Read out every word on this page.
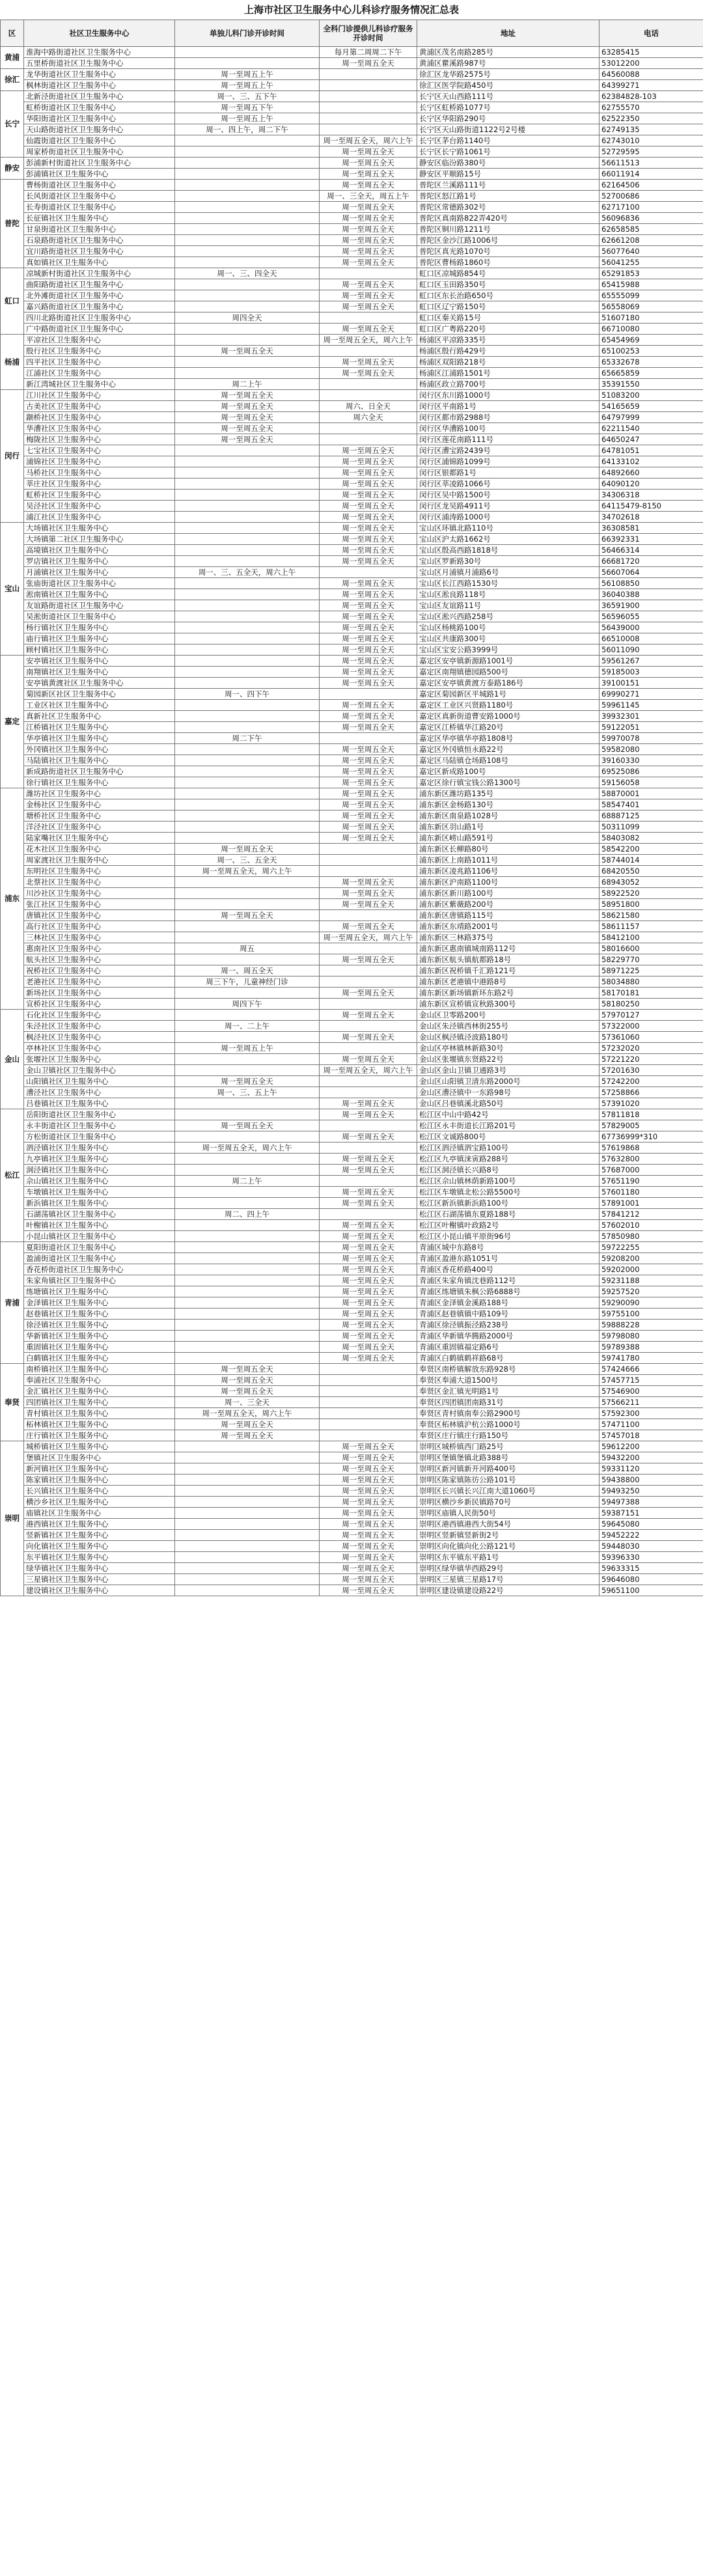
上海市社区卫生服务中心儿科诊疗服务情况汇总表
区	社区卫生服务中心	单独儿科门诊开诊时间	全科门诊提供儿科诊疗服务开诊时间	地址	电话
黄浦	淮海中路街道社区卫生服务中心		每月第二周周二下午	黄浦区茂名南路285号	63285415
	五里桥街道社区卫生服务中心		周一至周五全天	黄浦区瞿溪路987号	53012200
徐汇	龙华街道社区卫生服务中心	周一至周五上午		徐汇区龙华路2575号	64560088
	枫林街道社区卫生服务中心	周一至周五上午		徐汇区医学院路450号	64399271
长宁	北新泾街道社区卫生服务中心	周一、三、五下午		长宁区天山西路111号	62384828-103
	虹桥街道社区卫生服务中心	周一至周五下午		长宁区虹桥路1077号	62755570
	华阳街道社区卫生服务中心	周一至周五上午		长宁区华阳路290号	62522350
	天山路街道社区卫生服务中心	周一、四上午，周二下午		长宁区天山路街道1122号2号楼	62749135
	仙霞街道社区卫生服务中心		周一至周五全天，周六上午	长宁区茅台路1140号	62743010
	周家桥街道社区卫生服务中心		周一至周五全天	长宁区长宁路1061号	52729595
静安	彭浦新村街道社区卫生服务中心		周一至周五全天	静安区临汾路380号	56611513
	彭浦镇社区卫生服务中心		周一至周五全天	静安区平顺路15号	66011914
普陀	曹杨街道社区卫生服务中心		周一至周五全天	普陀区兰溪路111号	62164506
	长风街道社区卫生服务中心		周一、三全天，周五上午	普陀区怒江路1号	52700686
	长寿街道社区卫生服务中心		周一至周五全天	普陀区常德路302号	62717100
	长征镇社区卫生服务中心		周一至周五全天	普陀区真南路822弄420号	56096836
	甘泉街道社区卫生服务中心		周一至周五全天	普陀区铜川路1211号	62658585
	石泉路街道社区卫生服务中心		周一至周五全天	普陀区金沙江路1006号	62661208
	宜川路街道社区卫生服务中心		周一至周五全天	普陀区真光路1070号	56077640
	真如镇社区卫生服务中心		周一至周五全天	普陀区曹杨路1860号	56041255
虹口	凉城新村街道社区卫生服务中心	周一、三、四全天		虹口区凉城路854号	65291853
	曲阳路街道社区卫生服务中心		周一至周五全天	虹口区玉田路350号	65415988
	北外滩街道社区卫生服务中心		周一至周五全天	虹口区东长治路650号	65555099
	嘉兴路街道社区卫生服务中心		周一至周五全天	虹口区辽宁路150号	56558069
	四川北路街道社区卫生服务中心	周四全天		虹口区秦关路15号	51607180
	广中路街道社区卫生服务中心		周一至周五全天	虹口区广粤路220号	66710080
杨浦	平凉社区卫生服务中心		周一至周五全天，周六上午	杨浦区平凉路335号	65454969
	殷行社区卫生服务中心	周一至周五全天		杨浦区殷行路429号	65100253
	四平社区卫生服务中心		周一至周五全天	杨浦区双阳路218号	65332678
	江浦社区卫生服务中心		周一至周五全天	杨浦区江浦路1501号	65665859
	新江湾城社区卫生服务中心	周二上午		杨浦区政立路700号	35391550
闵行	江川社区卫生服务中心	周一至周五全天		闵行区东川路1000号	51083200
	古美社区卫生服务中心	周一至周五全天	周六、日全天	闵行区平南路1号	54165659
	颛桥社区卫生服务中心	周一至周五全天	周六全天	闵行区都市路2988号	64797999
	华漕社区卫生服务中心	周一至周五全天		闵行区华漕路100号	62211540
	梅陇社区卫生服务中心	周一至周五全天		闵行区莲花南路111号	64650247
	七宝社区卫生服务中心		周一至周五全天	闵行区漕宝路2439号	64781051
	浦锦社区卫生服务中心		周一至周五全天	闵行区浦锦路1099号	64133102
	马桥社区卫生服务中心		周一至周五全天	闵行区银都路1号	64892660
	莘庄社区卫生服务中心		周一至周五全天	闵行区莘凌路1066号	64090120
	虹桥社区卫生服务中心		周一至周五全天	闵行区吴中路1500号	34306318
	吴泾社区卫生服务中心		周一至周五全天	闵行区龙吴路4911号	64115479-8150
	浦江社区卫生服务中心		周一至周五全天	闵行区浦涛路1000号	34702618
宝山	大场镇社区卫生服务中心		周一至周五全天	宝山区环镇北路110号	36308581
	大场镇第二社区卫生服务中心		周一至周五全天	宝山区沪太路1662号	66392331
	高境镇社区卫生服务中心		周一至周五全天	宝山区殷高西路1818号	56466314
	罗店镇社区卫生服务中心		周一至周五全天	宝山区罗新路30号	66681720
	月浦镇社区卫生服务中心	周一、三、五全天，周六上午		宝山区月浦镇月浦路6号	56607064
	张庙街道社区卫生服务中心		周一至周五全天	宝山区长江西路1530号	56108850
	淞南镇社区卫生服务中心		周一至周五全天	宝山区淞良路118号	36040388
	友谊路街道社区卫生服务中心		周一至周五全天	宝山区友谊路11号	36591900
	吴淞街道社区卫生服务中心		周一至周五全天	宝山区淞兴西路258号	56596055
	杨行镇社区卫生服务中心		周一至周五全天	宝山区杨桃路100号	56439000
	庙行镇社区卫生服务中心		周一至周五全天	宝山区共康路300号	66510008
	顾村镇社区卫生服务中心		周一至周五全天	宝山区宝安公路3999号	56011090
嘉定	安亭镇社区卫生服务中心		周一至周五全天	嘉定区安亭镇新源路1001号	59561267
	南翔镇社区卫生服务中心		周一至周五全天	嘉定区南翔镇德园路500号	59185003
	安亭镇黄渡社区卫生服务中心		周一至周五全天	嘉定区安亭镇黄渡方泰路186号	39100151
	菊园新区社区卫生服务中心	周一、四下午		嘉定区菊园新区平城路1号	69990271
	工业区社区卫生服务中心		周一至周五全天	嘉定区工业区兴贤路1180号	59961145
	真新社区卫生服务中心		周一至周五全天	嘉定区真新街道曹安路1000号	39932301
	江桥镇社区卫生服务中心		周一至周五全天	嘉定区江桥镇华江路20号	59122051
	华亭镇社区卫生服务中心	周二下午		嘉定区华亭镇华亭路1808号	59970078
	外冈镇社区卫生服务中心		周一至周五全天	嘉定区外冈镇恒永路22号	59582080
	马陆镇社区卫生服务中心		周一至周五全天	嘉定区马陆镇仓场路108号	39160330
	新成路街道社区卫生服务中心		周一至周五全天	嘉定区新成路100号	69525086
	徐行镇社区卫生服务中心		周一至周五全天	嘉定区徐行镇宝钱公路1300号	59156058
浦东	潍坊社区卫生服务中心		周一至周五全天	浦东新区潍坊路135号	58870001
	金杨社区卫生服务中心		周一至周五全天	浦东新区金杨路130号	58547401
	塘桥社区卫生服务中心		周一至周五全天	浦东新区南泉路1028号	68887125
	洋泾社区卫生服务中心		周一至周五全天	浦东新区羽山路1号	50311099
	陆家嘴社区卫生服务中心		周一至周五全天	浦东新区崂山路591号	58403082
	花木社区卫生服务中心	周一至周五全天		浦东新区长柳路80号	58542200
	周家渡社区卫生服务中心	周一、三、五全天		浦东新区上南路1011号	58744014
	东明社区卫生服务中心	周一至周五全天，周六上午		浦东新区凌兆路1106号	68420550
	北蔡社区卫生服务中心		周一至周五全天	浦东新区沪南路1100号	68943052
	川沙社区卫生服务中心		周一至周五全天	浦东新区新川路100号	58922520
	张江社区卫生服务中心		周一至周五全天	浦东新区紫薇路200号	58951800
	唐镇社区卫生服务中心	周一至周五全天		浦东新区唐镇路115号	58621580
	高行社区卫生服务中心		周一至周五全天	浦东新区东靖路2001号	58611157
	三林社区卫生服务中心		周一至周五全天，周六上午	浦东新区三林路375号	58412100
	惠南社区卫生服务中心	周五		浦东新区惠南镇城南路112号	58016600
	航头社区卫生服务中心		周一至周五全天	浦东新区航头镇航都路18号	58229770
	祝桥社区卫生服务中心	周一、周五全天		浦东新区祝桥镇千汇路121号	58971225
	老港社区卫生服务中心	周三下午，儿童神经门诊		浦东新区老港镇中港路8号	58034880
	新场社区卫生服务中心		周一至周五全天	浦东新区新场镇新环东路2号	58170181
	宣桥社区卫生服务中心	周四下午		浦东新区宣桥镇宣秋路300号	58180250
金山	石化社区卫生服务中心		周一至周五全天	金山区卫零路200号	57970127
	朱泾社区卫生服务中心	周一、二上午		金山区朱泾镇西林街255号	57322000
	枫泾社区卫生服务中心		周一至周五全天	金山区枫泾镇泾波路180号	57361060
	亭林社区卫生服务中心	周一至周五上午		金山区亭林镇林新路30号	57232020
	张堰社区卫生服务中心		周一至周五全天	金山区张堰镇东贤路22号	57221220
	金山卫镇社区卫生服务中心		周一至周五全天，周六上午	金山区金山卫镇卫通路3号	57201630
	山阳镇社区卫生服务中心	周一至周五全天		金山区山阳镇卫清东路2000号	57242200
	漕泾社区卫生服务中心	周一、三、五上午		金山区漕泾镇中一东路98号	57258866
	吕巷镇社区卫生服务中心		周一至周五全天	金山区吕巷镇溪北路50号	57391020
松江	岳阳街道社区卫生服务中心		周一至周五全天	松江区中山中路42号	57811818
	永丰街道社区卫生服务中心	周一至周五全天		松江区永丰街道长江路201号	57829005
	方松街道社区卫生服务中心		周一至周五全天	松江区文诚路800号	67736999*310
	泗泾镇社区卫生服务中心	周一至周五全天，周六上午		松江区泗泾镇泗宝路100号	57619868
	九亭镇社区卫生服务中心		周一至周五全天	松江区九亭镇涞寅路288号	57632800
	洞泾镇社区卫生服务中心		周一至周五全天	松江区洞泾镇长兴路8号	57687000
	佘山镇社区卫生服务中心	周二上午		松江区佘山镇林荫新路100号	57651190
	车墩镇社区卫生服务中心		周一至周五全天	松江区车墩镇北松公路5500号	57601180
	新浜镇社区卫生服务中心		周一至周五全天	松江区新浜镇新浜路100号	57891001
	石湖荡镇社区卫生服务中心	周二、四上午		松江区石湖荡镇东夏路188号	57841212
	叶榭镇社区卫生服务中心		周一至周五全天	松江区叶榭镇叶政路2号	57602010
	小昆山镇社区卫生服务中心		周一至周五全天	松江区小昆山镇平原街96号	57850980
青浦	夏阳街道社区卫生服务中心		周一至周五全天	青浦区城中东路8号	59722255
	盈浦街道社区卫生服务中心		周一至周五全天	青浦区盈港东路1051号	59208200
	香花桥街道社区卫生服务中心		周一至周五全天	青浦区香花桥路400号	59202000
	朱家角镇社区卫生服务中心		周一至周五全天	青浦区朱家角镇沈巷路112号	59231188
	练塘镇社区卫生服务中心		周一至周五全天	青浦区练塘镇朱枫公路6888号	59257520
	金泽镇社区卫生服务中心		周一至周五全天	青浦区金泽镇金溪路188号	59290090
	赵巷镇社区卫生服务中心		周一至周五全天	青浦区赵巷镇镇中路109号	59755100
	徐泾镇社区卫生服务中心		周一至周五全天	青浦区徐泾镇振泾路238号	59888228
	华新镇社区卫生服务中心		周一至周五全天	青浦区华新镇华腾路2000号	59798080
	重固镇社区卫生服务中心		周一至周五全天	青浦区重固镇福定路6号	59789388
	白鹤镇社区卫生服务中心		周一至周五全天	青浦区白鹤镇鹤祥路68号	59741780
奉贤	南桥镇社区卫生服务中心	周一至周五全天		奉贤区南桥镇解放东路928号	57424666
	奉浦社区卫生服务中心	周一至周五全天		奉贤区奉浦大道1500号	57457715
	金汇镇社区卫生服务中心	周一至周五全天		奉贤区金汇镇光明路1号	57546900
	四团镇社区卫生服务中心	周一、三全天		奉贤区四团镇团南路31号	57566211
	青村镇社区卫生服务中心	周一至周五全天，周六上午		奉贤区青村镇南奉公路2900号	57592300
	柘林镇社区卫生服务中心	周一至周五全天		奉贤区柘林镇沪杭公路1000号	57471100
	庄行镇社区卫生服务中心	周一至周五全天		奉贤区庄行镇庄行路150号	57457018
崇明	城桥镇社区卫生服务中心		周一至周五全天	崇明区城桥镇西门路25号	59612200
	堡镇社区卫生服务中心		周一至周五全天	崇明区堡镇堡镇北路388号	59432200
	新河镇社区卫生服务中心		周一至周五全天	崇明区新河镇新开河路400号	59331120
	陈家镇社区卫生服务中心		周一至周五全天	崇明区陈家镇陈彷公路101号	59438800
	长兴镇社区卫生服务中心		周一至周五全天	崇明区长兴镇长兴江南大道1060号	59493250
	横沙乡社区卫生服务中心		周一至周五全天	崇明区横沙乡新民镇路70号	59497388
	庙镇社区卫生服务中心		周一至周五全天	崇明区庙镇人民街50号	59387151
	港西镇社区卫生服务中心		周一至周五全天	崇明区港西镇港西大街54号	59645080
	竖新镇社区卫生服务中心		周一至周五全天	崇明区竖新镇竖新街2号	59452222
	向化镇社区卫生服务中心		周一至周五全天	崇明区向化镇向化公路121号	59448030
	东平镇社区卫生服务中心		周一至周五全天	崇明区东平镇东平路1号	59396330
	绿华镇社区卫生服务中心		周一至周五全天	崇明区绿华镇华西路29号	59633315
	三星镇社区卫生服务中心		周一至周五全天	崇明区三星镇三星路17号	59646080
	建设镇社区卫生服务中心		周一至周五全天	崇明区建设镇建设路22号	59651100
